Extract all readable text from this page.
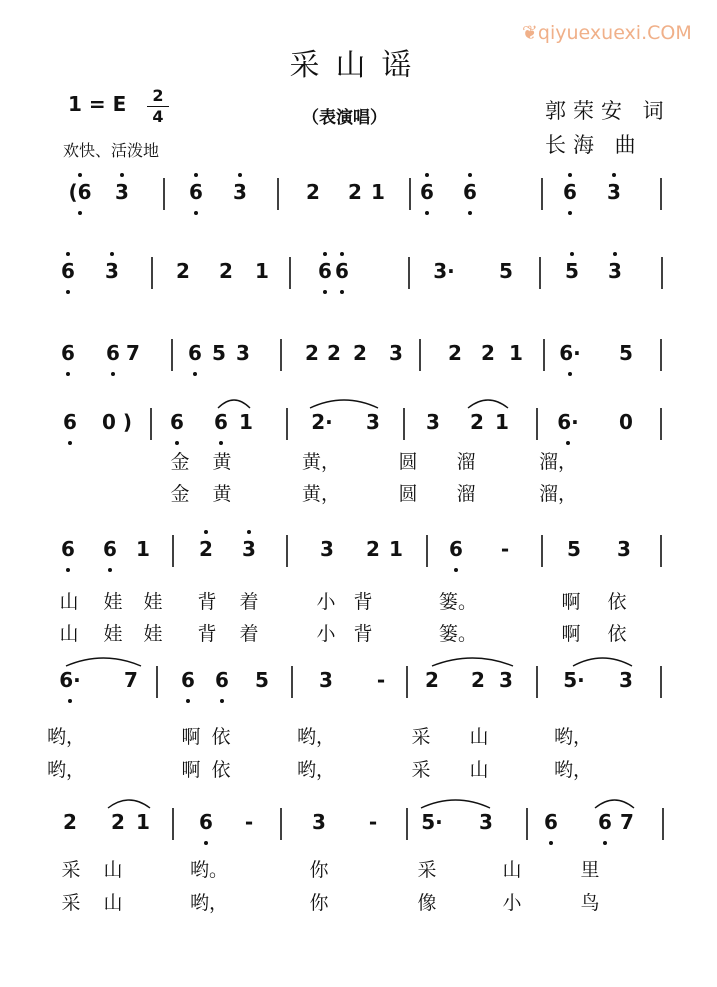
❦qiyuexuexi.COM
采山谣
1 = E	2
4
欢快、活泼地
（表演唱）	郭荣安 词
长海 曲
(6 3	6 3	2 2 1 6 6	6 3
6 3	2 2 1 6 6	3· 5	5 3
6 6 7 6 5 3	2 2 2 3 2 2 1 6· 5
6 0 ) 6 6 1	2· 3 3 2 1 6· 0
金 黄	黄，	圆 溜	溜，
金 黄	黄，	圆 溜	溜，
6 6 1 2 3	3 2 1 6 -	5 3
山 娃 娃 背 着	小 背	篓。	啊 依
山 娃 娃 背 着	小 背	篓。	啊 依
6· 7 6 6 5	3 - 2 2 3	5· 3
哟，	啊 依	哟，	采 山	哟，
哟，	啊 依	哟，	采 山	哟，
2 2 1 6 -	3 - 5· 3	6 6 7
采 山	哟。	你	采	山	里
采 山	哟，	你	像	小	鸟
